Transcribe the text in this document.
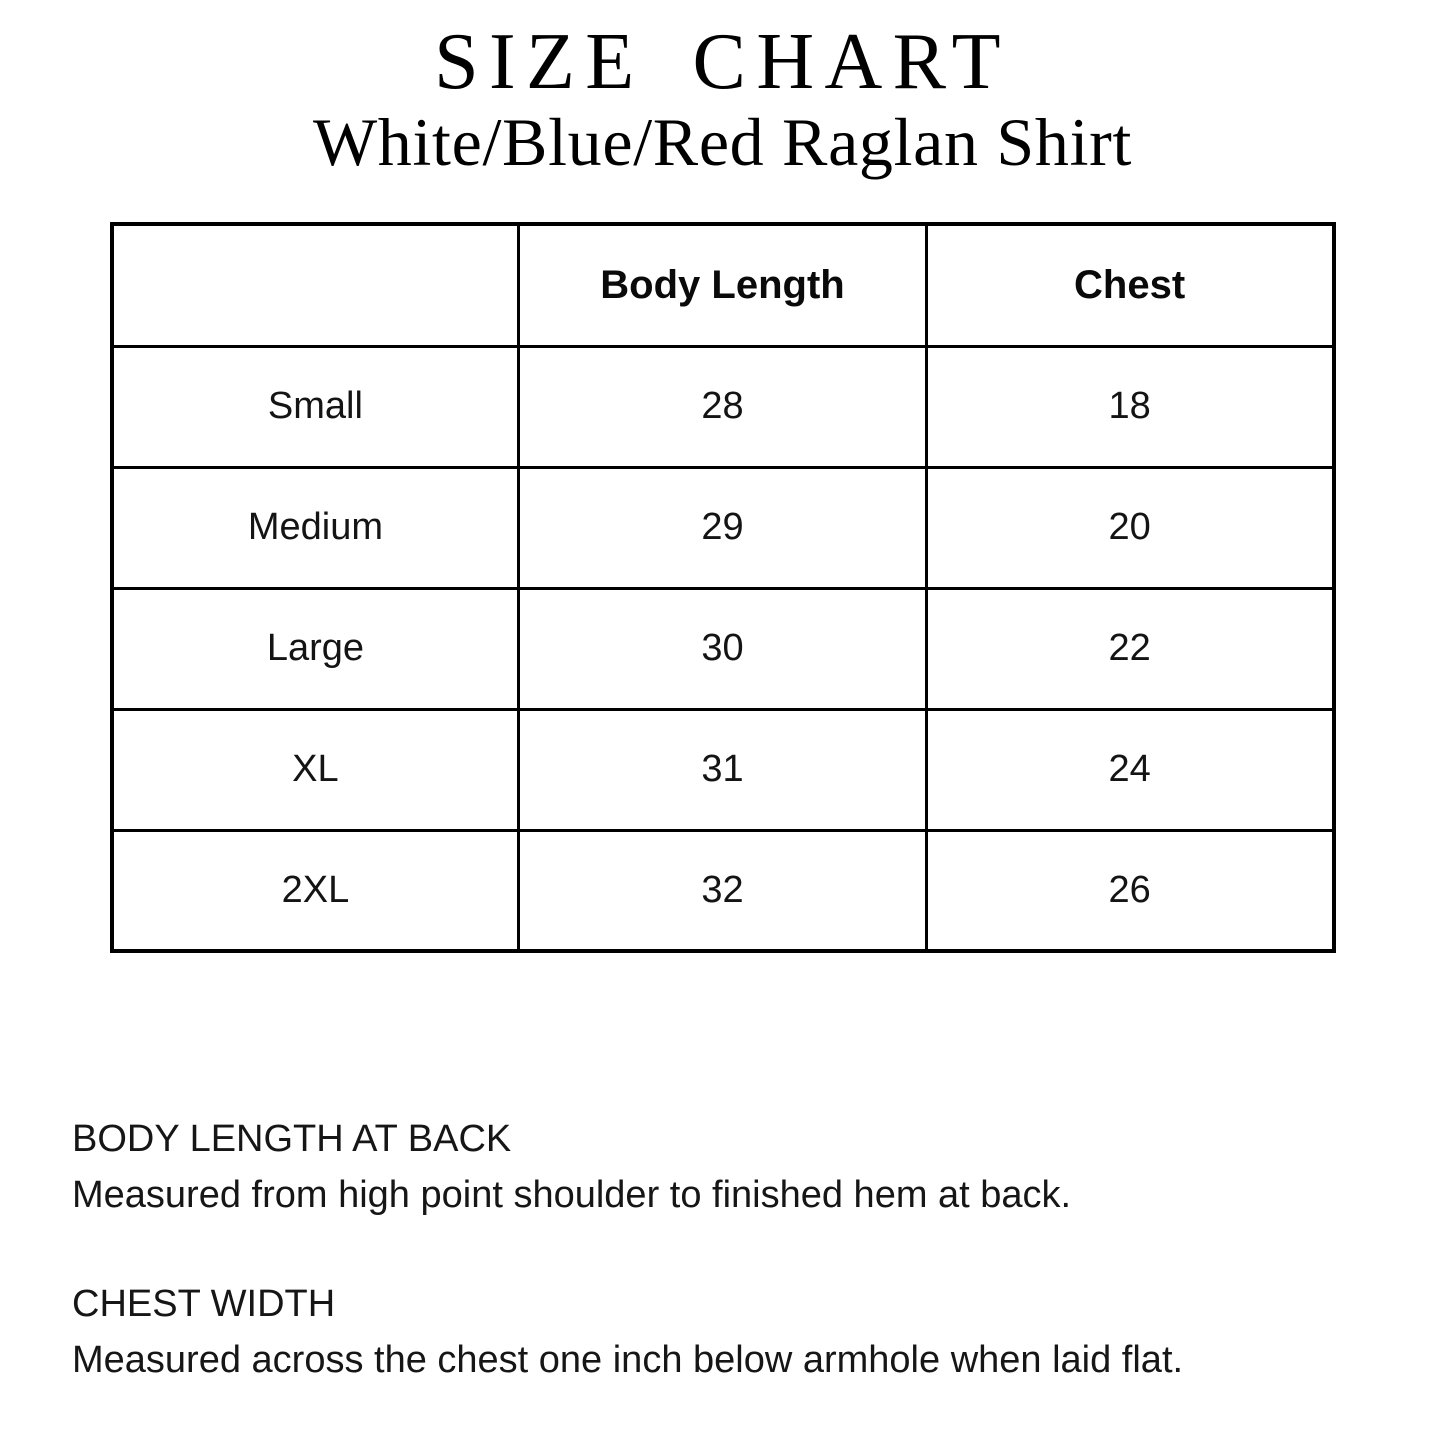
SIZE CHART
White/Blue/Red Raglan Shirt
	Body Length	Chest
Small	28	18
Medium	29	20
Large	30	22
XL	31	24
2XL	32	26

BODY LENGTH AT BACK

Measured from high point shoulder to finished hem at back.

CHEST WIDTH

Measured across the chest one inch below armhole when laid flat.
